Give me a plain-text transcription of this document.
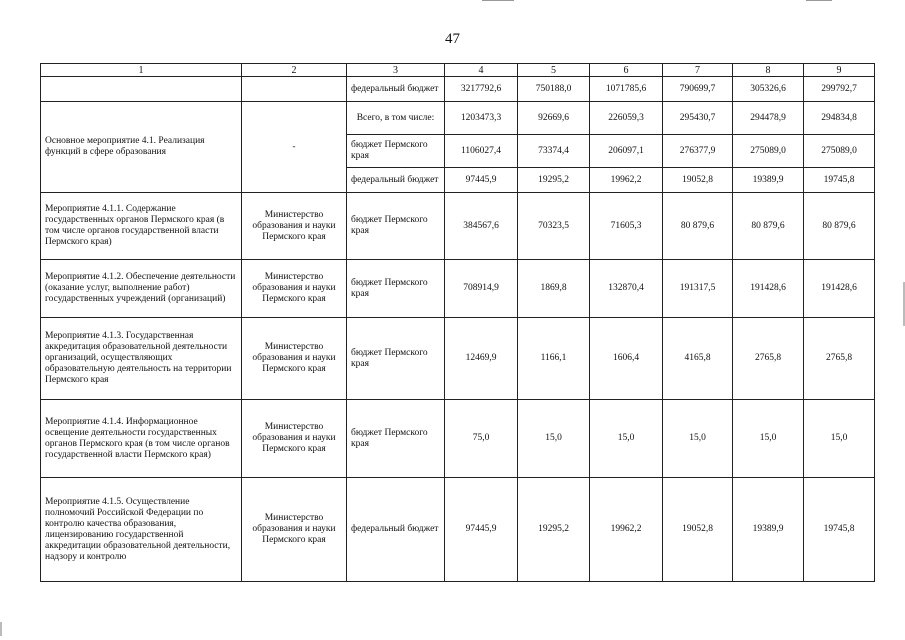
47
1	2	3	4	5	6	7	8	9
		федеральный бюджет	3217792,6	750188,0	1071785,6	790699,7	305326,6	299792,7
Основное мероприятие 4.1. Реализация функций в сфере образования	-	Всего, в том числе:	1203473,3	92669,6	226059,3	295430,7	294478,9	294834,8
		бюджет Пермского края	1106027,4	73374,4	206097,1	276377,9	275089,0	275089,0
		федеральный бюджет	97445,9	19295,2	19962,2	19052,8	19389,9	19745,8
Мероприятие 4.1.1. Содержание государственных органов Пермского края (в том числе органов государственной власти Пермского края)	Министерство образования и науки Пермского края	бюджет Пермского края	384567,6	70323,5	71605,3	80 879,6	80 879,6	80 879,6
Мероприятие 4.1.2. Обеспечение деятельности (оказание услуг, выполнение работ) государственных учреждений (организаций)	Министерство образования и науки Пермского края	бюджет Пермского края	708914,9	1869,8	132870,4	191317,5	191428,6	191428,6
Мероприятие 4.1.3. Государственная аккредитация образовательной деятельности организаций, осуществляющих образовательную деятельность на территории Пермского края	Министерство образования и науки Пермского края	бюджет Пермского края	12469,9	1166,1	1606,4	4165,8	2765,8	2765,8
Мероприятие 4.1.4. Информационное освещение деятельности государственных органов Пермского края (в том числе органов государственной власти Пермского края)	Министерство образования и науки Пермского края	бюджет Пермского края	75,0	15,0	15,0	15,0	15,0	15,0
Мероприятие 4.1.5. Осуществление полномочий Российской Федерации по контролю качества образования, лицензированию государственной аккредитации образовательной деятельности, надзору и контролю	Министерство образования и науки Пермского края	федеральный бюджет	97445,9	19295,2	19962,2	19052,8	19389,9	19745,8
